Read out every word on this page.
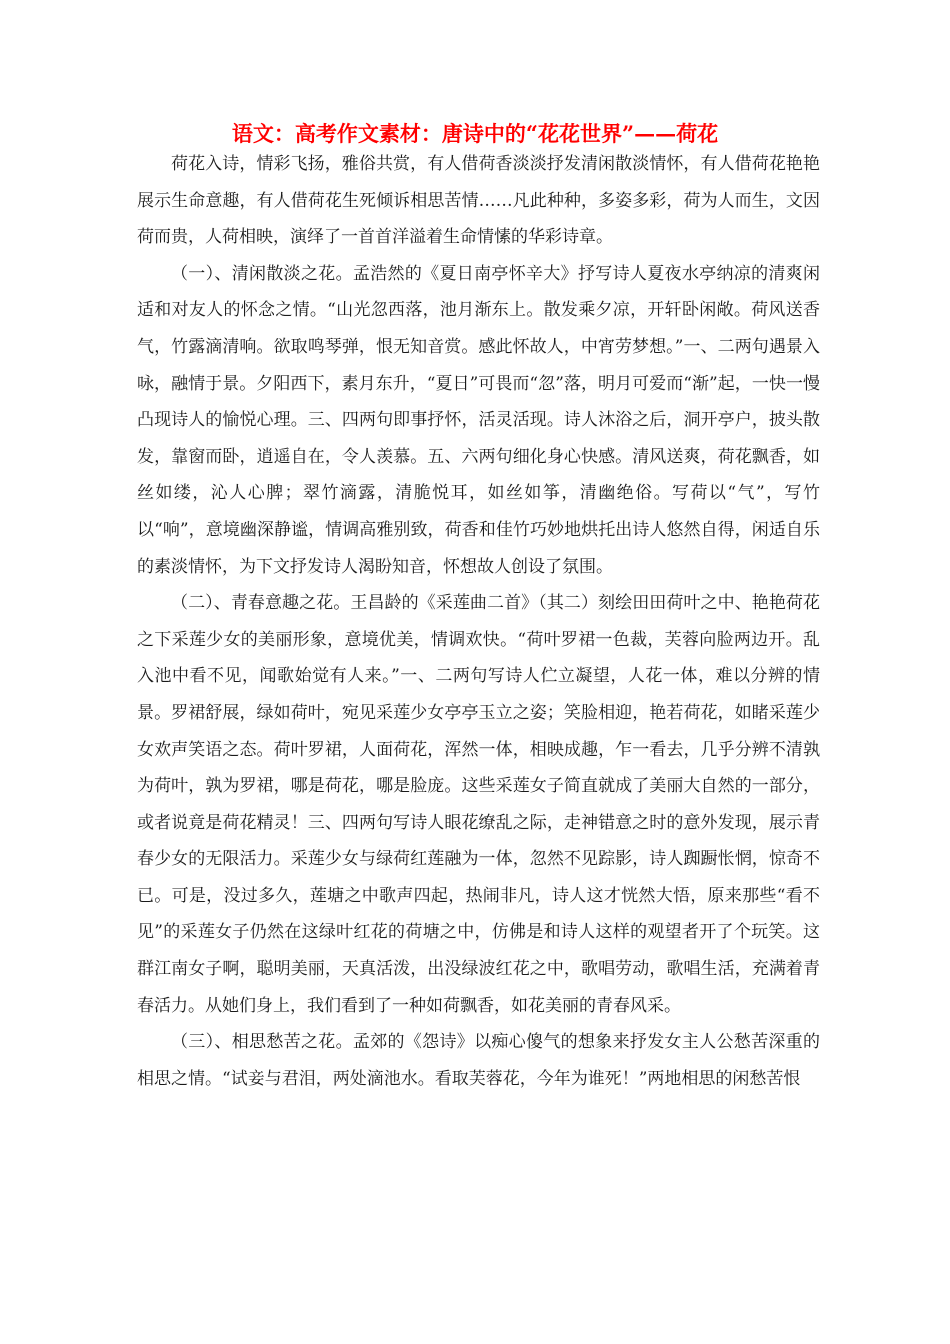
语文：高考作文素材：唐诗中的“花花世界”——荷花

荷花入诗，情彩飞扬，雅俗共赏，有人借荷香淡淡抒发清闲散淡情怀，有人借荷花艳艳展示生命意趣，有人借荷花生死倾诉相思苦情……凡此种种，多姿多彩，荷为人而生，文因荷而贵，人荷相映，演绎了一首首洋溢着生命情愫的华彩诗章。

（一）、清闲散淡之花。孟浩然的《夏日南亭怀辛大》抒写诗人夏夜水亭纳凉的清爽闲适和对友人的怀念之情。“山光忽西落，池月渐东上。散发乘夕凉，开轩卧闲敞。荷风送香气，竹露滴清响。欲取鸣琴弹，恨无知音赏。感此怀故人，中宵劳梦想。”一、二两句遇景入咏，融情于景。夕阳西下，素月东升，“夏日”可畏而“忽”落，明月可爱而“渐”起，一快一慢凸现诗人的愉悦心理。三、四两句即事抒怀，活灵活现。诗人沐浴之后，洞开亭户，披头散发，靠窗而卧，逍遥自在，令人羡慕。五、六两句细化身心快感。清风送爽，荷花飘香，如丝如缕，沁人心脾；翠竹滴露，清脆悦耳，如丝如筝，清幽绝俗。写荷以“气”，写竹以“响”，意境幽深静谧，情调高雅别致，荷香和佳竹巧妙地烘托出诗人悠然自得，闲适自乐的素淡情怀，为下文抒发诗人渴盼知音，怀想故人创设了氛围。

（二）、青春意趣之花。王昌龄的《采莲曲二首》（其二）刻绘田田荷叶之中、艳艳荷花之下采莲少女的美丽形象，意境优美，情调欢快。“荷叶罗裙一色裁，芙蓉向脸两边开。乱入池中看不见，闻歌始觉有人来。”一、二两句写诗人伫立凝望，人花一体，难以分辨的情景。罗裙舒展，绿如荷叶，宛见采莲少女亭亭玉立之姿；笑脸相迎，艳若荷花，如睹采莲少女欢声笑语之态。荷叶罗裙，人面荷花，浑然一体，相映成趣，乍一看去，几乎分辨不清孰为荷叶，孰为罗裙，哪是荷花，哪是脸庞。这些采莲女子简直就成了美丽大自然的一部分，或者说竟是荷花精灵！三、四两句写诗人眼花缭乱之际，走神错意之时的意外发现，展示青春少女的无限活力。采莲少女与绿荷红莲融为一体，忽然不见踪影，诗人踟蹰怅惘，惊奇不已。可是，没过多久，莲塘之中歌声四起，热闹非凡，诗人这才恍然大悟，原来那些“看不见”的采莲女子仍然在这绿叶红花的荷塘之中，仿佛是和诗人这样的观望者开了个玩笑。这群江南女子啊，聪明美丽，天真活泼，出没绿波红花之中，歌唱劳动，歌唱生活，充满着青春活力。从她们身上，我们看到了一种如荷飘香，如花美丽的青春风采。

（三）、相思愁苦之花。孟郊的《怨诗》以痴心傻气的想象来抒发女主人公愁苦深重的相思之情。“试妾与君泪，两处滴池水。看取芙蓉花，今年为谁死！”两地相思的闲愁苦恨
